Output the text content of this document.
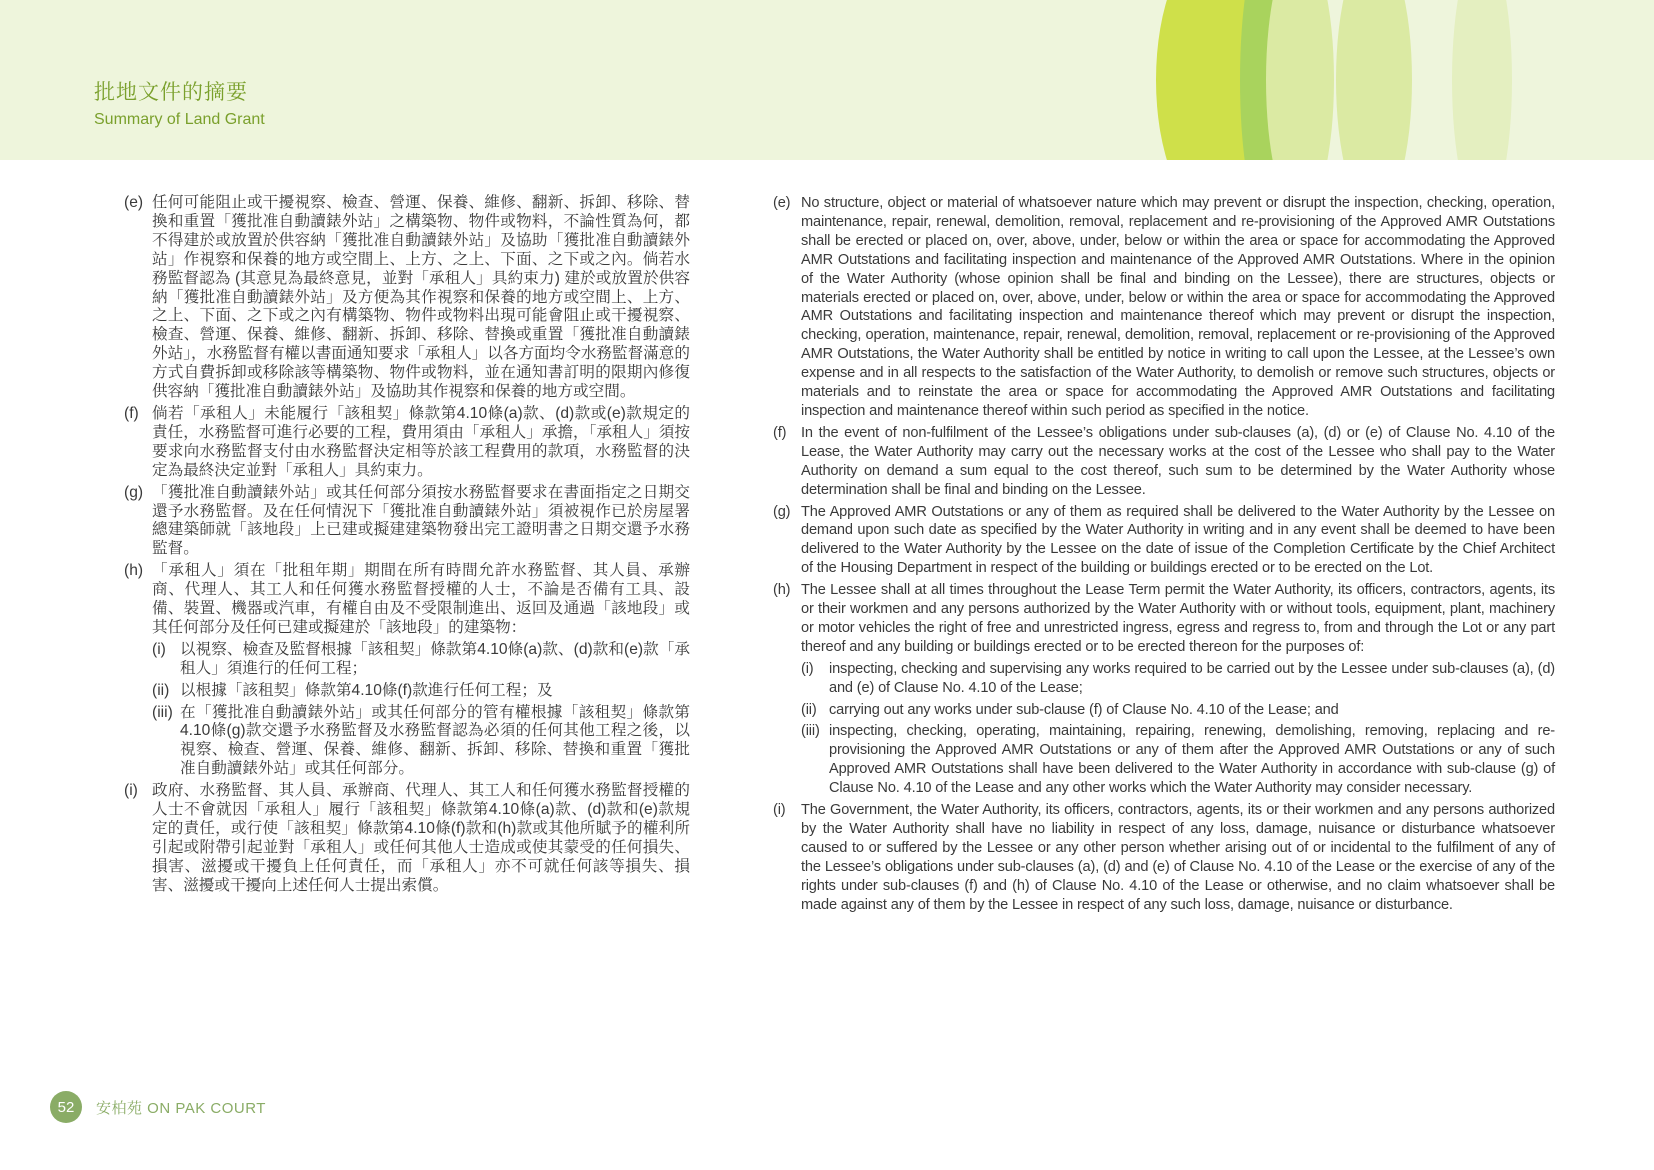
批地文件的摘要
Summary of Land Grant
(e) 任何可能阻止或干擾視察、檢查、營運、保養、維修、翻新、拆卸、移除、替換和重置「獲批准自動讀錶外站」之構築物、物件或物料，不論性質為何，都不得建於或放置於供容納「獲批准自動讀錶外站」及協助「獲批准自動讀錶外站」作視察和保養的地方或空間上、上方、之上、下面、之下或之內。倘若水務監督認為 (其意見為最終意見，並對「承租人」具約束力) 建於或放置於供容納「獲批准自動讀錶外站」及方便為其作視察和保養的地方或空間上、上方、之上、下面、之下或之內有構築物、物件或物料出現可能會阻止或干擾視察、檢查、營運、保養、維修、翻新、拆卸、移除、替換或重置「獲批准自動讀錶外站」，水務監督有權以書面通知要求「承租人」以各方面均令水務監督滿意的方式自費拆卸或移除該等構築物、物件或物料，並在通知書訂明的限期內修復供容納「獲批准自動讀錶外站」及協助其作視察和保養的地方或空間。
(f) 倘若「承租人」未能履行「該租契」條款第4.10條(a)款、(d)款或(e)款規定的責任，水務監督可進行必要的工程，費用須由「承租人」承擔，「承租人」須按要求向水務監督支付由水務監督決定相等於該工程費用的款項，水務監督的決定為最終決定並對「承租人」具約束力。
(g) 「獲批准自動讀錶外站」或其任何部分須按水務監督要求在書面指定之日期交還予水務監督。及在任何情況下「獲批准自動讀錶外站」須被視作已於房屋署總建築師就「該地段」上已建或擬建建築物發出完工證明書之日期交還予水務監督。
(h) 「承租人」須在「批租年期」期間在所有時間允許水務監督、其人員、承辦商、代理人、其工人和任何獲水務監督授權的人士，不論是否備有工具、設備、裝置、機器或汽車，有權自由及不受限制進出、返回及通過「該地段」或其任何部分及任何已建或擬建於「該地段」的建築物：
(i) 以視察、檢查及監督根據「該租契」條款第4.10條(a)款、(d)款和(e)款「承租人」須進行的任何工程；
(ii) 以根據「該租契」條款第4.10條(f)款進行任何工程；及
(iii) 在「獲批准自動讀錶外站」或其任何部分的管有權根據「該租契」條款第4.10條(g)款交還予水務監督及水務監督認為必須的任何其他工程之後，以視察、檢查、營運、保養、維修、翻新、拆卸、移除、替換和重置「獲批准自動讀錶外站」或其任何部分。
(i) 政府、水務監督、其人員、承辦商、代理人、其工人和任何獲水務監督授權的人士不會就因「承租人」履行「該租契」條款第4.10條(a)款、(d)款和(e)款規定的責任，或行使「該租契」條款第4.10條(f)款和(h)款或其他所賦予的權利所引起或附帶引起並對「承租人」或任何其他人士造成或使其蒙受的任何損失、損害、滋擾或干擾負上任何責任，而「承租人」亦不可就任何該等損失、損害、滋擾或干擾向上述任何人士提出索償。
(e) No structure, object or material of whatsoever nature which may prevent or disrupt the inspection, checking, operation, maintenance, repair, renewal, demolition, removal, replacement and re-provisioning of the Approved AMR Outstations shall be erected or placed on, over, above, under, below or within the area or space for accommodating the Approved AMR Outstations and facilitating inspection and maintenance of the Approved AMR Outstations. Where in the opinion of the Water Authority (whose opinion shall be final and binding on the Lessee), there are structures, objects or materials erected or placed on, over, above, under, below or within the area or space for accommodating the Approved AMR Outstations and facilitating inspection and maintenance thereof which may prevent or disrupt the inspection, checking, operation, maintenance, repair, renewal, demolition, removal, replacement or re-provisioning of the Approved AMR Outstations, the Water Authority shall be entitled by notice in writing to call upon the Lessee, at the Lessee’s own expense and in all respects to the satisfaction of the Water Authority, to demolish or remove such structures, objects or materials and to reinstate the area or space for accommodating the Approved AMR Outstations and facilitating inspection and maintenance thereof within such period as specified in the notice.
(f) In the event of non-fulfilment of the Lessee’s obligations under sub-clauses (a), (d) or (e) of Clause No. 4.10 of the Lease, the Water Authority may carry out the necessary works at the cost of the Lessee who shall pay to the Water Authority on demand a sum equal to the cost thereof, such sum to be determined by the Water Authority whose determination shall be final and binding on the Lessee.
(g) The Approved AMR Outstations or any of them as required shall be delivered to the Water Authority by the Lessee on demand upon such date as specified by the Water Authority in writing and in any event shall be deemed to have been delivered to the Water Authority by the Lessee on the date of issue of the Completion Certificate by the Chief Architect of the Housing Department in respect of the building or buildings erected or to be erected on the Lot.
(h) The Lessee shall at all times throughout the Lease Term permit the Water Authority, its officers, contractors, agents, its or their workmen and any persons authorized by the Water Authority with or without tools, equipment, plant, machinery or motor vehicles the right of free and unrestricted ingress, egress and regress to, from and through the Lot or any part thereof and any building or buildings erected or to be erected thereon for the purposes of:
(i) inspecting, checking and supervising any works required to be carried out by the Lessee under sub-clauses (a), (d) and (e) of Clause No. 4.10 of the Lease;
(ii) carrying out any works under sub-clause (f) of Clause No. 4.10 of the Lease; and
(iii) inspecting, checking, operating, maintaining, repairing, renewing, demolishing, removing, replacing and re-provisioning the Approved AMR Outstations or any of them after the Approved AMR Outstations or any of such Approved AMR Outstations shall have been delivered to the Water Authority in accordance with sub-clause (g) of Clause No. 4.10 of the Lease and any other works which the Water Authority may consider necessary.
(i) The Government, the Water Authority, its officers, contractors, agents, its or their workmen and any persons authorized by the Water Authority shall have no liability in respect of any loss, damage, nuisance or disturbance whatsoever caused to or suffered by the Lessee or any other person whether arising out of or incidental to the fulfilment of any of the Lessee’s obligations under sub-clauses (a), (d) and (e) of Clause No. 4.10 of the Lease or the exercise of any of the rights under sub-clauses (f) and (h) of Clause No. 4.10 of the Lease or otherwise, and no claim whatsoever shall be made against any of them by the Lessee in respect of any such loss, damage, nuisance or disturbance.
52	安柏苑 ON PAK COURT
